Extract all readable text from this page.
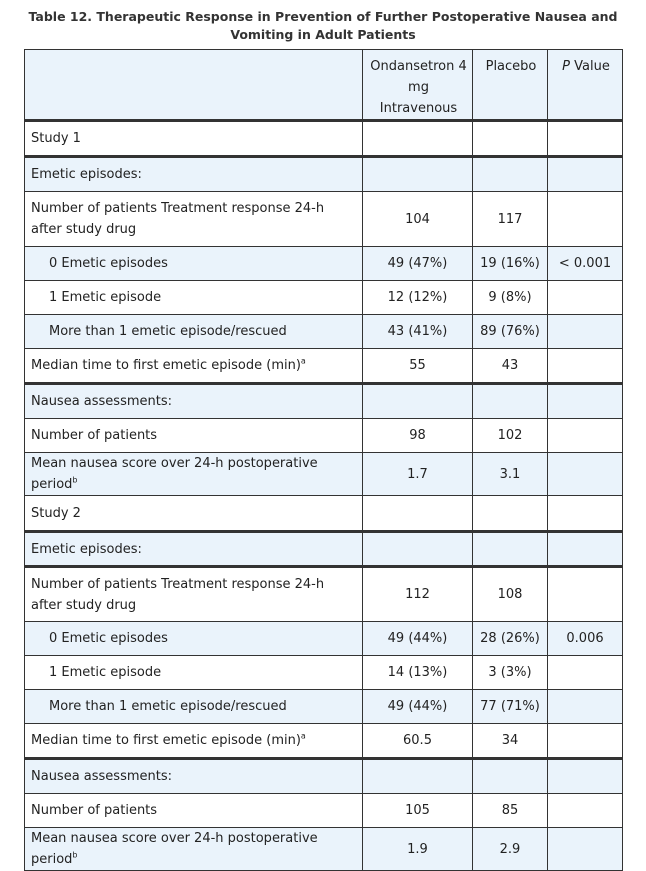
Table 12. Therapeutic Response in Prevention of Further Postoperative Nausea and Vomiting in Adult Patients
	Ondansetron 4 mg Intravenous	Placebo	P Value
Study 1			
Emetic episodes:			
Number of patients Treatment response 24-h after study drug	104	117	
0 Emetic episodes	49 (47%)	19 (16%)	< 0.001
1 Emetic episode	12 (12%)	9 (8%)	
More than 1 emetic episode/rescued	43 (41%)	89 (76%)	
Median time to first emetic episode $(\min)^a$	55	43	
Nausea assessments:			
Number of patients	98	102	
Mean nausea score over 24-h postoperative period$^b$	1.7	3.1	
Study 2			
Emetic episodes:			
Number of patients Treatment response 24-h after study drug	112	108	
0 Emetic episodes	49 (44%)	28 (26%)	0.006
1 Emetic episode	14 (13%)	3 (3%)	
More than 1 emetic episode/rescued	49 (44%)	77 (71%)	
Median time to first emetic episode $(\min)^a$	60.5	34	
Nausea assessments:			
Number of patients	105	85	
Mean nausea score over 24-h postoperative period$^b$	1.9	2.9	
